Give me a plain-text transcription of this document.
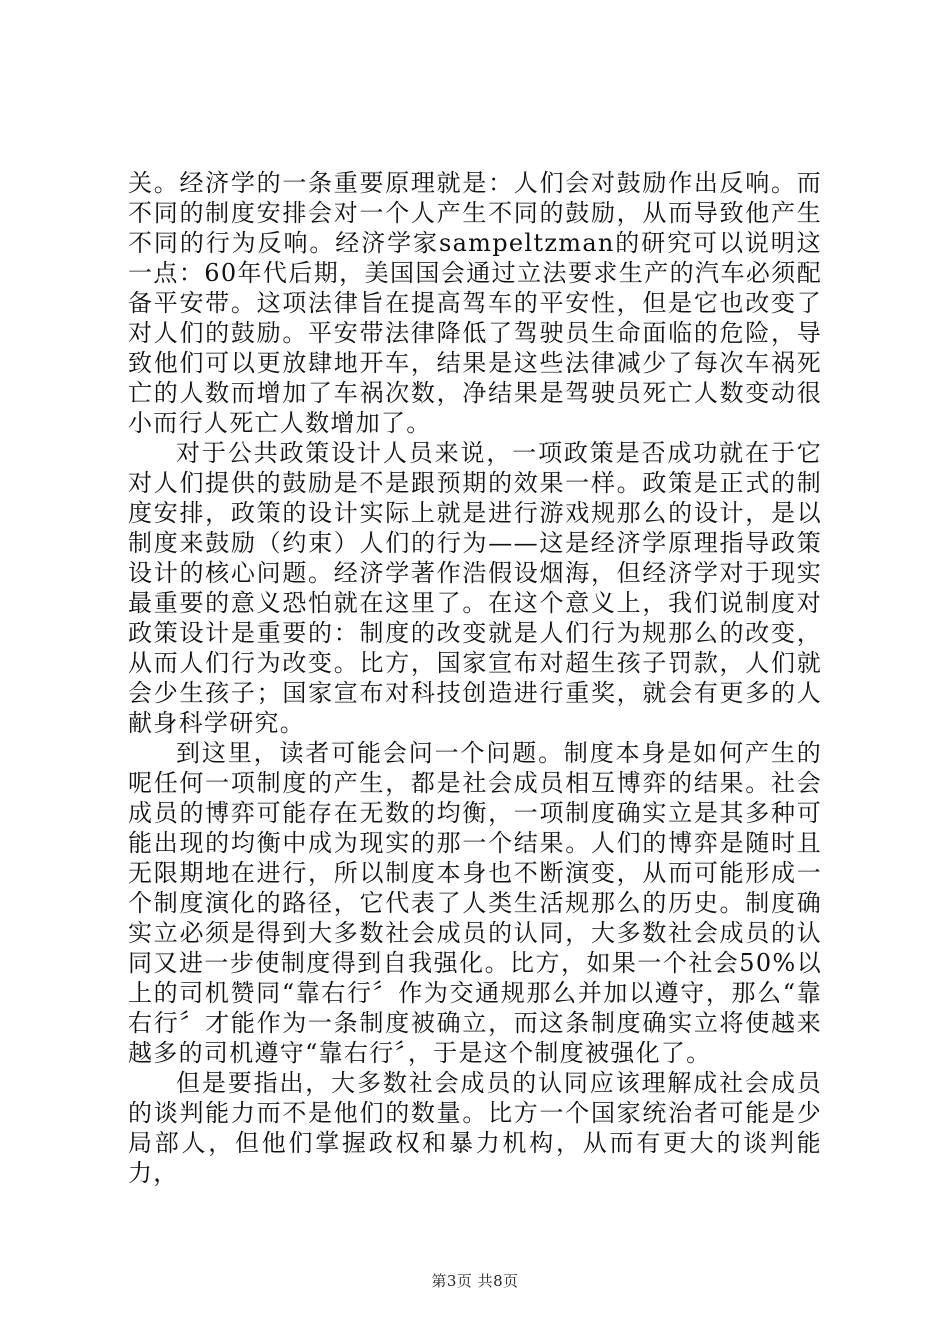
关。经济学的一条重要原理就是：人们会对鼓励作出反响。而不同的制度安排会对一个人产生不同的鼓励，从而导致他产生不同的行为反响。经济学家sampeltzman的研究可以说明这一点：60年代后期，美国国会通过立法要求生产的汽车必须配备平安带。这项法律旨在提高驾车的平安性，但是它也改变了对人们的鼓励。平安带法律降低了驾驶员生命面临的危险，导致他们可以更放肆地开车，结果是这些法律减少了每次车祸死亡的人数而增加了车祸次数，净结果是驾驶员死亡人数变动很小而行人死亡人数增加了。

对于公共政策设计人员来说，一项政策是否成功就在于它对人们提供的鼓励是不是跟预期的效果一样。政策是正式的制度安排，政策的设计实际上就是进行游戏规那么的设计，是以制度来鼓励（约束）人们的行为——这是经济学原理指导政策设计的核心问题。经济学著作浩假设烟海，但经济学对于现实最重要的意义恐怕就在这里了。在这个意义上，我们说制度对政策设计是重要的：制度的改变就是人们行为规那么的改变，从而人们行为改变。比方，国家宣布对超生孩子罚款，人们就会少生孩子；国家宣布对科技创造进行重奖，就会有更多的人献身科学研究。

到这里，读者可能会问一个问题。制度本身是如何产生的呢任何一项制度的产生，都是社会成员相互博弈的结果。社会成员的博弈可能存在无数的均衡，一项制度确实立是其多种可能出现的均衡中成为现实的那一个结果。人们的博弈是随时且无限期地在进行，所以制度本身也不断演变，从而可能形成一个制度演化的路径，它代表了人类生活规那么的历史。制度确实立必须是得到大多数社会成员的认同，大多数社会成员的认同又进一步使制度得到自我强化。比方，如果一个社会50%以上的司机赞同“靠右行〞作为交通规那么并加以遵守，那么“靠右行〞才能作为一条制度被确立，而这条制度确实立将使越来越多的司机遵守“靠右行〞，于是这个制度被强化了。

但是要指出，大多数社会成员的认同应该理解成社会成员的谈判能力而不是他们的数量。比方一个国家统治者可能是少局部人，但他们掌握政权和暴力机构，从而有更大的谈判能力，

第3页 共8页
